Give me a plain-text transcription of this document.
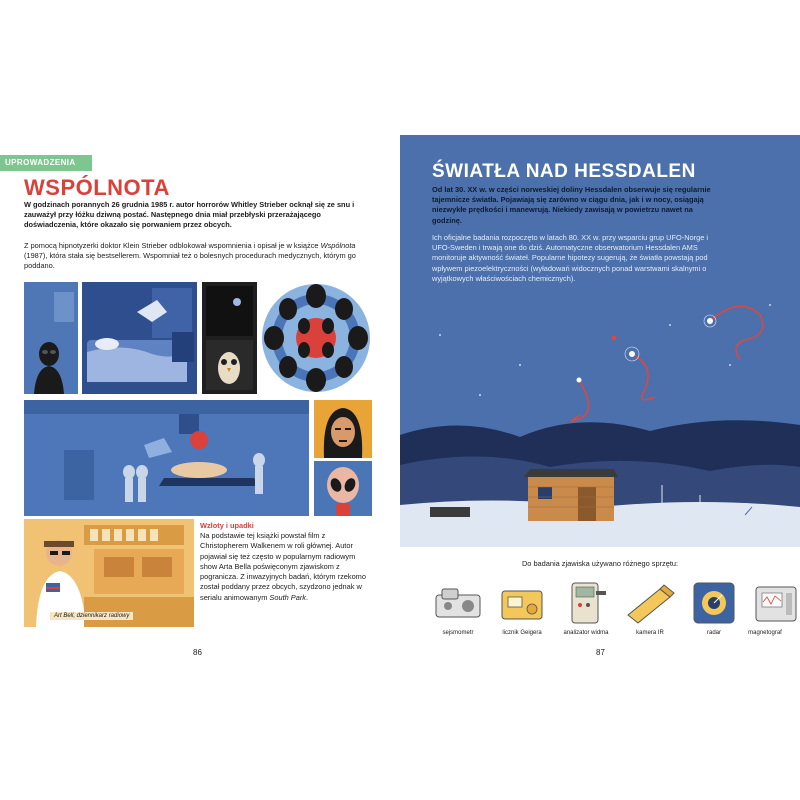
UPROWADZENIA
WSPÓLNOTA

W godzinach porannych 26 grudnia 1985 r. autor horrorów Whitley Strieber ocknął się ze snu i zauważył przy łóżku dziwną postać. Następnego dnia miał przebłyski przerażającego doświadczenia, które okazało się porwaniem przez obcych.

Z pomocą hipnotyzerki doktor Klein Strieber odblokował wspomnienia i opisał je w książce Wspólnota (1987), która stała się bestsellerem. Wspomniał też o bolesnych procedurach medycznych, którym go poddano.

Art Bell, dziennikarz radiowy
Wzloty i upadki

Na podstawie tej książki powstał film z Christopherem Walkenem w roli głównej. Autor pojawiał się też często w popularnym radiowym show Arta Bella poświęconym zjawiskom z pogranicza. Z inwazyjnych badań, którym rzekomo został poddany przez obcych, szydzono jednak w serialu animowanym South Park.

86
ŚWIATŁA NAD HESSDALEN

Od lat 30. XX w. w części norweskiej doliny Hessdalen obserwuje się regularnie tajemnicze światła. Pojawiają się zarówno w ciągu dnia, jak i w nocy, osiągają niezwykłe prędkości i manewrują. Niekiedy zawisają w powietrzu nawet na godzinę.

Ich oficjalne badania rozpoczęto w latach 80. XX w. przy wsparciu grup UFO-Norge i UFO-Sweden i trwają one do dziś. Automatyczne obserwatorium Hessdalen AMS monitoruje aktywność świateł. Popularne hipotezy sugerują, że światła powstają pod wpływem piezoelektryczności (wyładowań widocznych ponad warstwami skalnymi o wyjątkowych właściwościach chemicznych).

Do badania zjawiska używano różnego sprzętu:
sejsmometr	licznik Geigera	analizator widma	kamera IR	radar	magnetograf
87
